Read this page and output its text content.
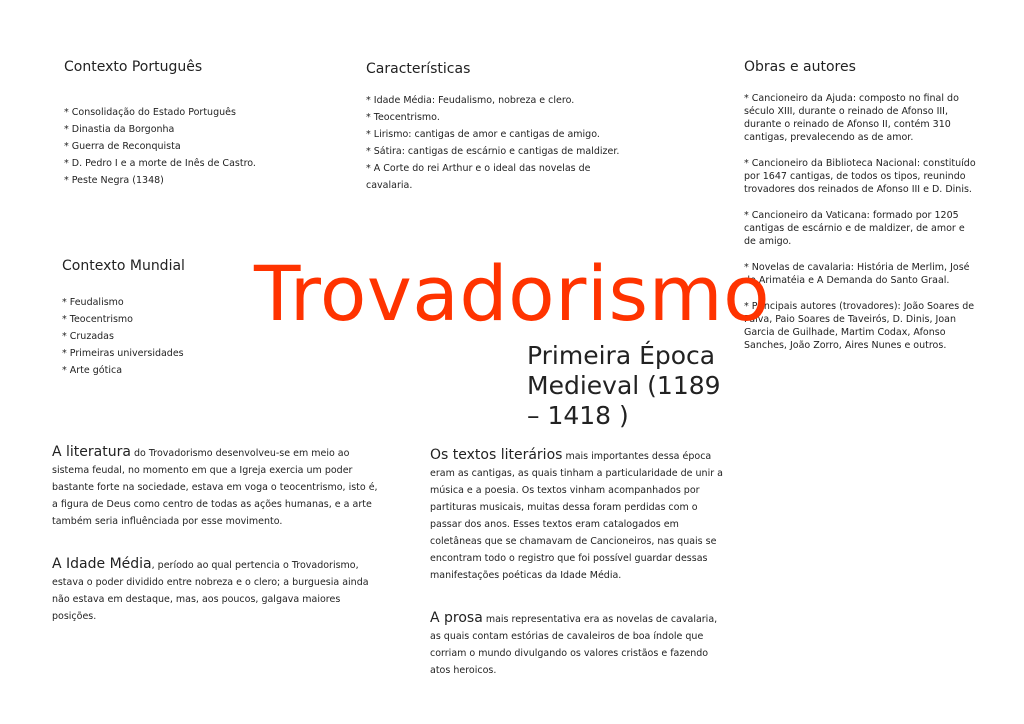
Contexto Português
* Consolidação do Estado Português
* Dinastia da Borgonha
* Guerra de Reconquista
* D. Pedro I e a morte de Inês de Castro.
* Peste Negra (1348)
Características
* Idade Média: Feudalismo, nobreza e clero.
* Teocentrismo.
* Lirismo: cantigas de amor e cantigas de amigo.
* Sátira: cantigas de escárnio e cantigas de maldizer.
* A Corte do rei Arthur e o ideal das novelas de
cavalaria.
Obras e autores

* Cancioneiro da Ajuda: composto no final do século XIII, durante o reinado de Afonso III, durante o reinado de Afonso II, contém 310 cantigas, prevalecendo as de amor.

* Cancioneiro da Biblioteca Nacional: constituído por 1647 cantigas, de todos os tipos, reunindo trovadores dos reinados de Afonso III e D. Dinis.

* Cancioneiro da Vaticana: formado por 1205 cantigas de escárnio e de maldizer, de amor e de amigo.

* Novelas de cavalaria: História de Merlim, José de Arimatéia e A Demanda do Santo Graal.

* Principais autores (trovadores): João Soares de Paiva, Paio Soares de Taveirós, D. Dinis, Joan Garcia de Guilhade, Martim Codax, Afonso Sanches, João Zorro, Aires Nunes e outros.

Contexto Mundial
* Feudalismo
* Teocentrismo
* Cruzadas
* Primeiras universidades
* Arte gótica
Trovadorismo
Primeira Época Medieval (1189 – 1418 )

A literatura do Trovadorismo desenvolveu-se em meio ao sistema feudal, no momento em que a Igreja exercia um poder bastante forte na sociedade, estava em voga o teocentrismo, isto é, a figura de Deus como centro de todas as ações humanas, e a arte também seria influênciada por esse movimento.

A Idade Média, período ao qual pertencia o Trovadorismo, estava o poder dividido entre nobreza e o clero; a burguesia ainda não estava em destaque, mas, aos poucos, galgava maiores posições.

Os textos literários mais importantes dessa época eram as cantigas, as quais tinham a particularidade de unir a música e a poesia. Os textos vinham acompanhados por partituras musicais, muitas dessa foram perdidas com o passar dos anos. Esses textos eram catalogados em coletâneas que se chamavam de Cancioneiros, nas quais se encontram todo o registro que foi possível guardar dessas manifestações poéticas da Idade Média.

A prosa mais representativa era as novelas de cavalaria, as quais contam estórias de cavaleiros de boa índole que corriam o mundo divulgando os valores cristãos e fazendo atos heroicos.
